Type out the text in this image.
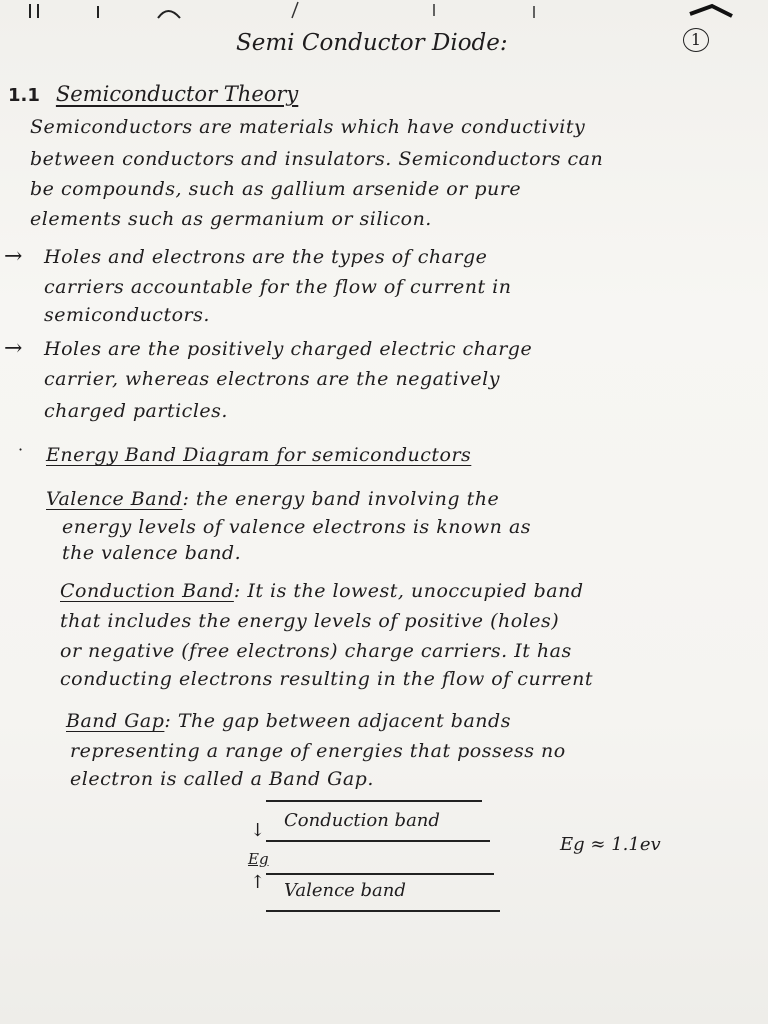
Semi Conductor Diode:	1
1.1 Semiconductor Theory
Semiconductors are materials which have conductivity
between conductors and insulators. Semiconductors can
be compounds, such as gallium arsenide or pure
elements such as germanium or silicon.
→ Holes and electrons are the types of charge
carriers accountable for the flow of current in
semiconductors.
→ Holes are the positively charged electric charge
carrier, whereas electrons are the negatively
charged particles.
· Energy Band Diagram for semiconductors
Valence Band: the energy band involving the
energy levels of valence electrons is known as
the valence band.
Conduction Band: It is the lowest, unoccupied band
that includes the energy levels of positive (holes)
or negative (free electrons) charge carriers. It has
conducting electrons resulting in the flow of current
Band Gap: The gap between adjacent bands
representing a range of energies that possess no
electron is called a Band Gap.
Conduction band
↓
Eg
↑ Valence band
Eg ≈ 1.1ev
